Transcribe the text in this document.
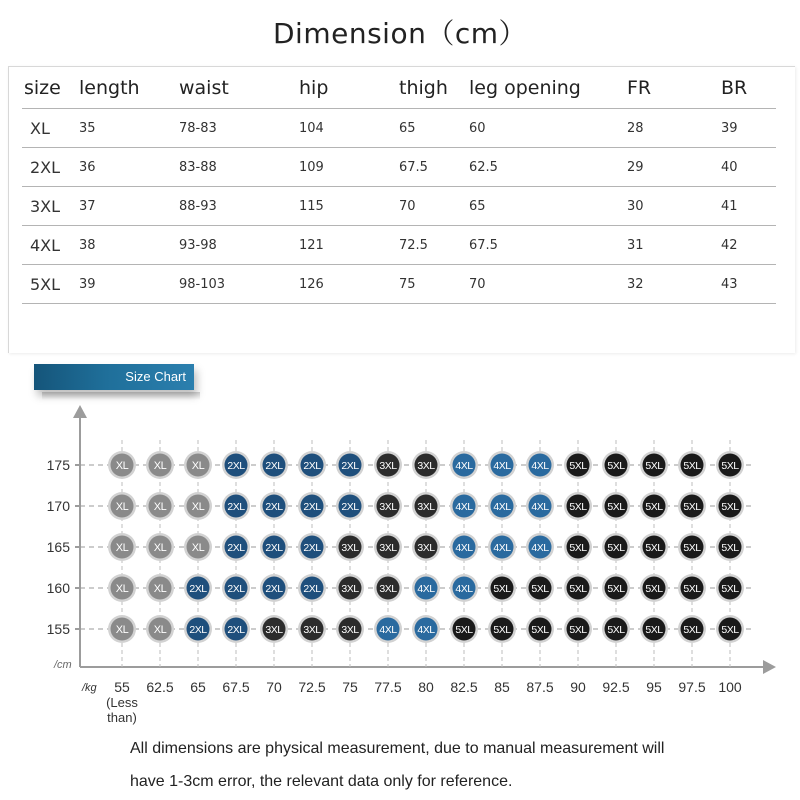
Dimension（cm）
size	length	waist	hip	thigh	leg opening	FR	BR
XL	35	78-83	104	65	60	28	39
2XL	36	83-88	109	67.5	62.5	29	40
3XL	37	88-93	115	70	65	30	41
4XL	38	93-98	121	72.5	67.5	31	42
5XL	39	98-103	126	75	70	32	43
Size Chart
175
170
165
160
155
/cm
/kg 55 62.5 65 67.5 70 72.5 75 77.5 80 82.5 85 87.5 90 92.5 95 97.5 100
(Less
than)
XL XL XL 2XL 2XL 2XL 2XL 3XL 3XL 4XL 4XL 4XL 5XL 5XL 5XL 5XL 5XL
XL XL XL 2XL 2XL 2XL 2XL 3XL 3XL 4XL 4XL 4XL 5XL 5XL 5XL 5XL 5XL
XL XL XL 2XL 2XL 2XL 3XL 3XL 3XL 4XL 4XL 4XL 5XL 5XL 5XL 5XL 5XL
XL XL 2XL 2XL 2XL 2XL 3XL 3XL 4XL 4XL 5XL 5XL 5XL 5XL 5XL 5XL 5XL
XL XL 2XL 2XL 3XL 3XL 3XL 4XL 4XL 5XL 5XL 5XL 5XL 5XL 5XL 5XL 5XL
All dimensions are physical measurement, due to manual measurement will
have 1-3cm error, the relevant data only for reference.
